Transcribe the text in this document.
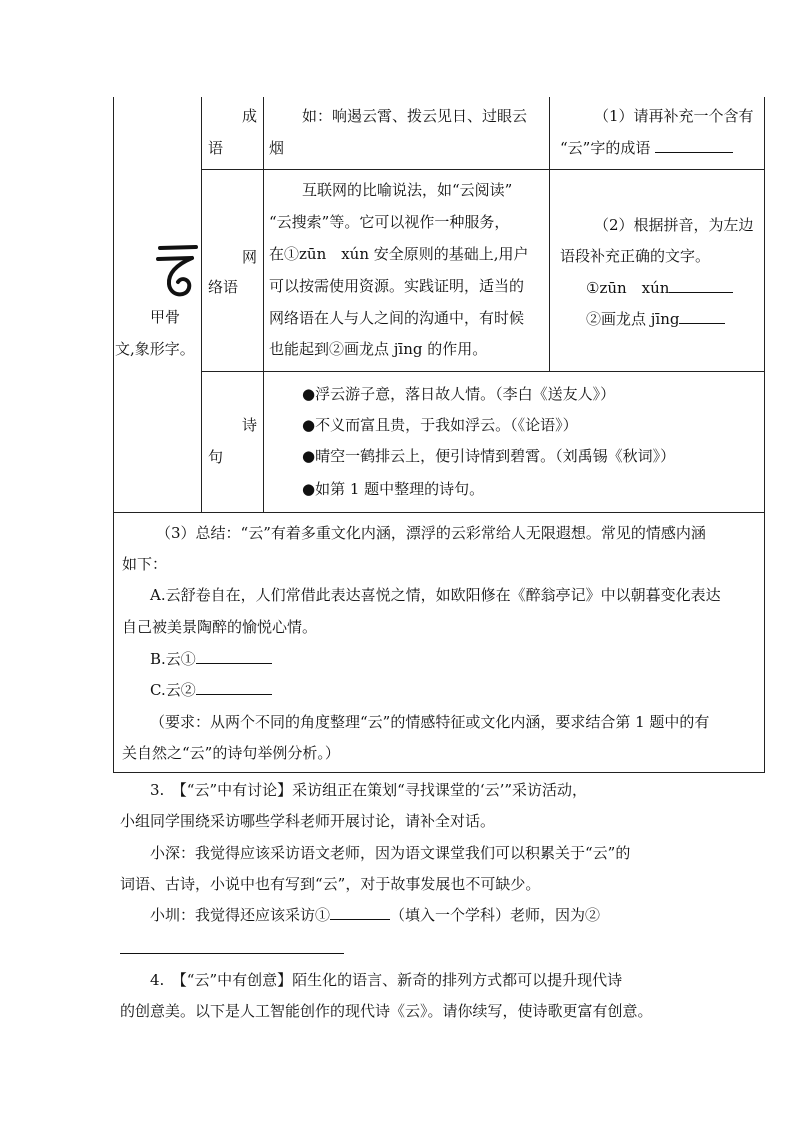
甲骨
文,象形字。
成
语
如：响遏云霄、拨云见日、过眼云
烟
（1）请再补充一个含有
“云”字的成语
网
络语
互联网的比喻说法，如“云阅读”
“云搜索”等。它可以视作一种服务，
在①zūn　xún 安全原则的基础上,用户
可以按需使用资源。实践证明，适当的
网络语在人与人之间的沟通中，有时候
也能起到②画龙点 jīng 的作用。
（2）根据拼音，为左边
语段补充正确的文字。
①zūn　xún
②画龙点 jīng
诗
句
●浮云游子意，落日故人情。（李白《送友人》）
●不义而富且贵，于我如浮云。（《论语》）
●晴空一鹤排云上，便引诗情到碧霄。（刘禹锡《秋词》）
●如第 1 题中整理的诗句。
（3）总结：“云”有着多重文化内涵，漂浮的云彩常给人无限遐想。常见的情感内涵
如下：
A.云舒卷自在，人们常借此表达喜悦之情，如欧阳修在《醉翁亭记》中以朝暮变化表达
自己被美景陶醉的愉悦心情。
B.云①
C.云②
（要求：从两个不同的角度整理“云”的情感特征或文化内涵，要求结合第 1 题中的有
关自然之“云”的诗句举例分析。）
3.　【“云”中有讨论】采访组正在策划“寻找课堂的‘云’”采访活动，
小组同学围绕采访哪些学科老师开展讨论，请补全对话。
小深：我觉得应该采访语文老师，因为语文课堂我们可以积累关于“云”的
词语、古诗，小说中也有写到“云”，对于故事发展也不可缺少。
小圳：我觉得还应该采访①	（填入一个学科）老师，因为②
4.　【“云”中有创意】陌生化的语言、新奇的排列方式都可以提升现代诗
的创意美。以下是人工智能创作的现代诗《云》。请你续写，使诗歌更富有创意。
